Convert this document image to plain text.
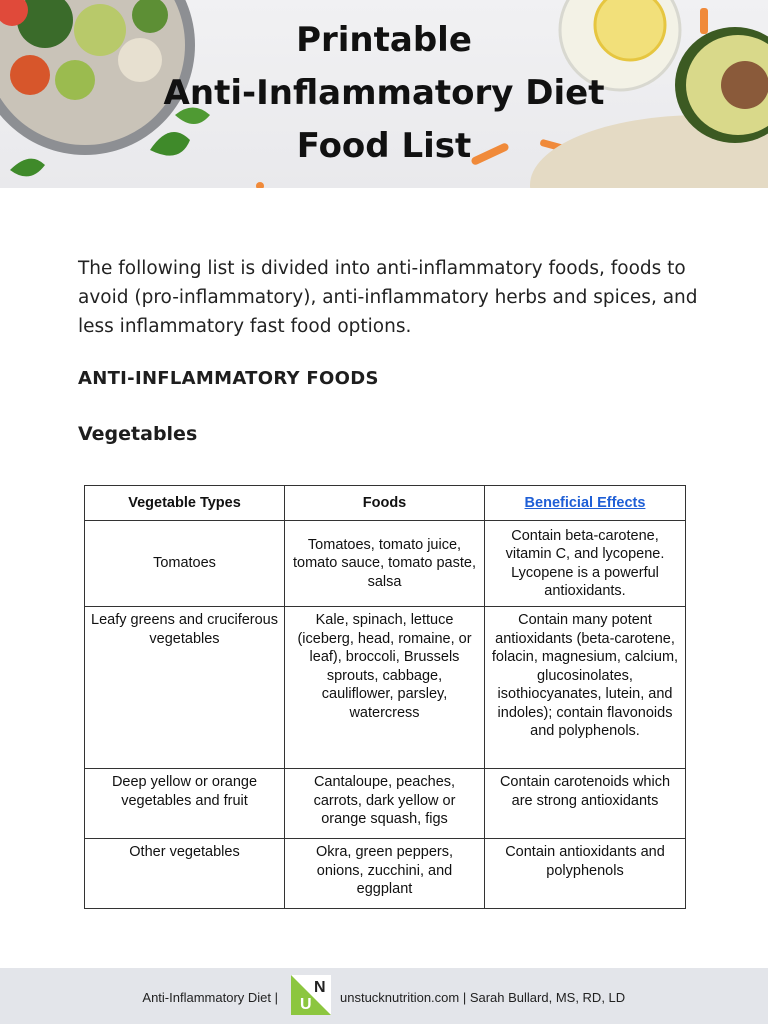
Printable
Anti-Inflammatory Diet
Food List

The following list is divided into anti-inflammatory foods, foods to avoid (pro-inflammatory), anti-inflammatory herbs and spices, and less inflammatory fast food options.

ANTI-INFLAMMATORY FOODS
Vegetables
Vegetable Types	Foods	Beneficial Effects
Tomatoes	Tomatoes, tomato juice, tomato sauce, tomato paste, salsa	Contain beta-carotene, vitamin C, and lycopene. Lycopene is a powerful antioxidants.
Leafy greens and cruciferous vegetables	Kale, spinach, lettuce (iceberg, head, romaine, or leaf), broccoli, Brussels sprouts, cabbage, cauliflower, parsley, watercress	Contain many potent antioxidants (beta-carotene, folacin, magnesium, calcium, glucosinolates, isothiocyanates, lutein, and indoles); contain flavonoids and polyphenols.
Deep yellow or orange vegetables and fruit	Cantaloupe, peaches, carrots, dark yellow or orange squash, figs	Contain carotenoids which are strong antioxidants
Other vegetables	Okra, green peppers, onions, zucchini, and eggplant	Contain antioxidants and polyphenols
Anti-Inflammatory Diet | U
N
unstucknutrition.com | Sarah Bullard, MS, RD, LD
